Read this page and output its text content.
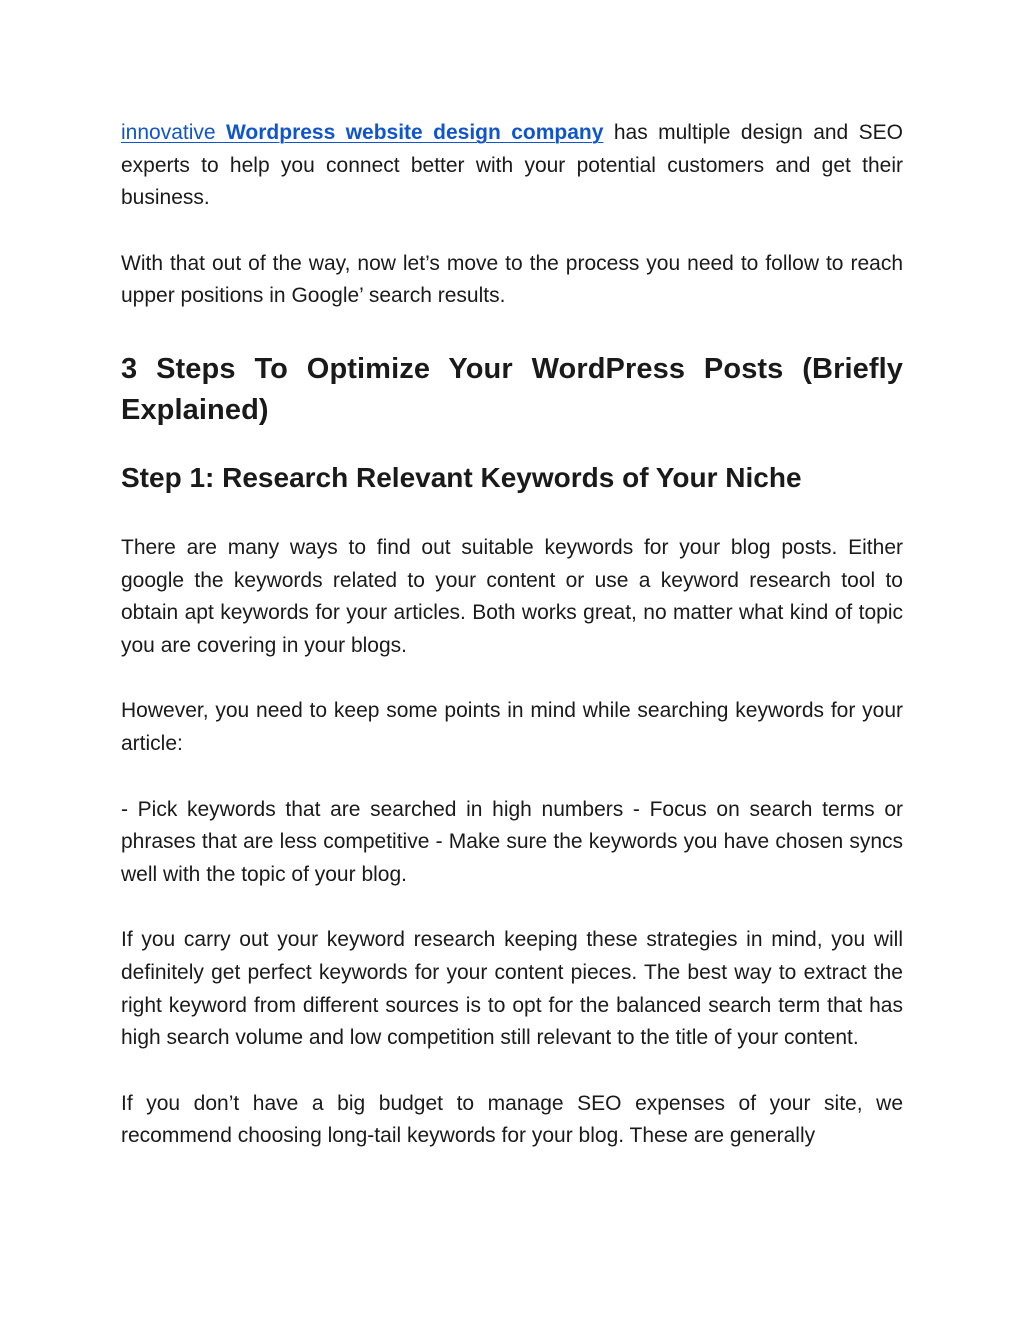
innovative Wordpress website design company has multiple design and SEO experts to help you connect better with your potential customers and get their business.

With that out of the way, now let’s move to the process you need to follow to reach upper positions in Google’ search results.

3 Steps To Optimize Your WordPress Posts (Briefly Explained)
Step 1: Research Relevant Keywords of Your Niche

There are many ways to find out suitable keywords for your blog posts. Either google the keywords related to your content or use a keyword research tool to obtain apt keywords for your articles. Both works great, no matter what kind of topic you are covering in your blogs.

However, you need to keep some points in mind while searching keywords for your article:

- Pick keywords that are searched in high numbers - Focus on search terms or phrases that are less competitive - Make sure the keywords you have chosen syncs well with the topic of your blog.

If you carry out your keyword research keeping these strategies in mind, you will definitely get perfect keywords for your content pieces. The best way to extract the right keyword from different sources is to opt for the balanced search term that has high search volume and low competition still relevant to the title of your content.

If you don’t have a big budget to manage SEO expenses of your site, we recommend choosing long-tail keywords for your blog. These are generally
